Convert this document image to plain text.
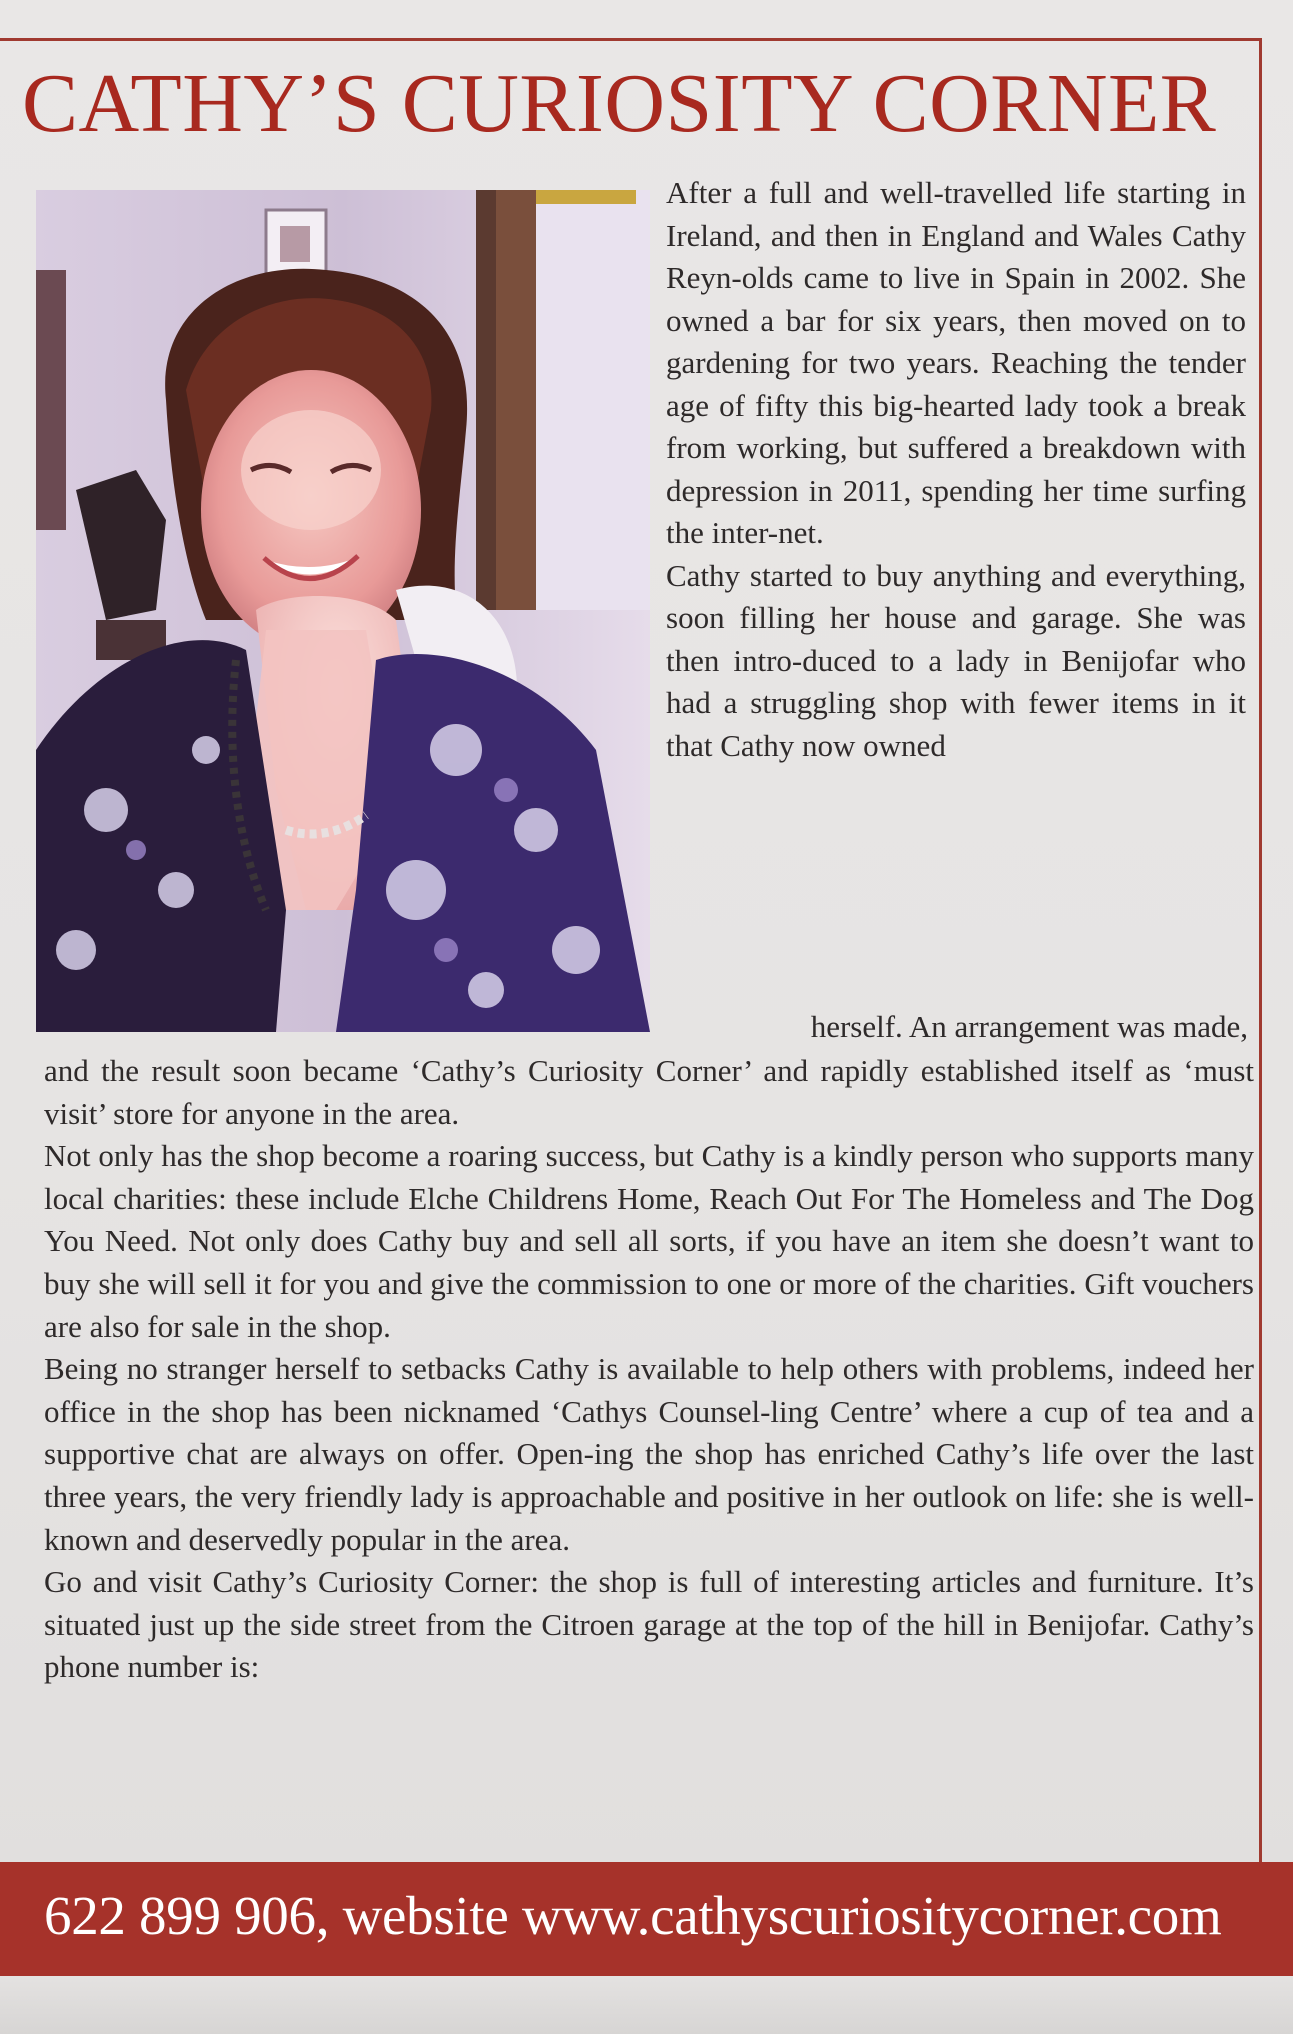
CATHY’S CURIOSITY CORNER

After a full and well-travelled life starting in Ireland, and then in England and Wales Cathy Reyn-olds came to live in Spain in 2002. She owned a bar for six years, then moved on to gardening for two years. Reaching the tender age of fifty this big-hearted lady took a break from working, but suffered a breakdown with depression in 2011, spending her time surfing the inter-net.

Cathy started to buy anything and everything, soon filling her house and garage. She was then intro-duced to a lady in Benijofar who had a struggling shop with fewer items in it that Cathy now owned

herself. An arrangement was made,

and the result soon became ‘Cathy’s Curiosity Corner’ and rapidly established itself as ‘must visit’ store for anyone in the area.

Not only has the shop become a roaring success, but Cathy is a kindly person who supports many local charities: these include Elche Childrens Home, Reach Out For The Homeless and The Dog You Need. Not only does Cathy buy and sell all sorts, if you have an item she doesn’t want to buy she will sell it for you and give the commission to one or more of the charities. Gift vouchers are also for sale in the shop.

Being no stranger herself to setbacks Cathy is available to help others with problems, indeed her office in the shop has been nicknamed ‘Cathys Counsel-ling Centre’ where a cup of tea and a supportive chat are always on offer. Open-ing the shop has enriched Cathy’s life over the last three years, the very friendly lady is approachable and positive in her outlook on life: she is well-known and deservedly popular in the area.

Go and visit Cathy’s Curiosity Corner: the shop is full of interesting articles and furniture. It’s situated just up the side street from the Citroen garage at the top of the hill in Benijofar. Cathy’s phone number is:

622 899 906, website www.cathyscuriositycorner.com
